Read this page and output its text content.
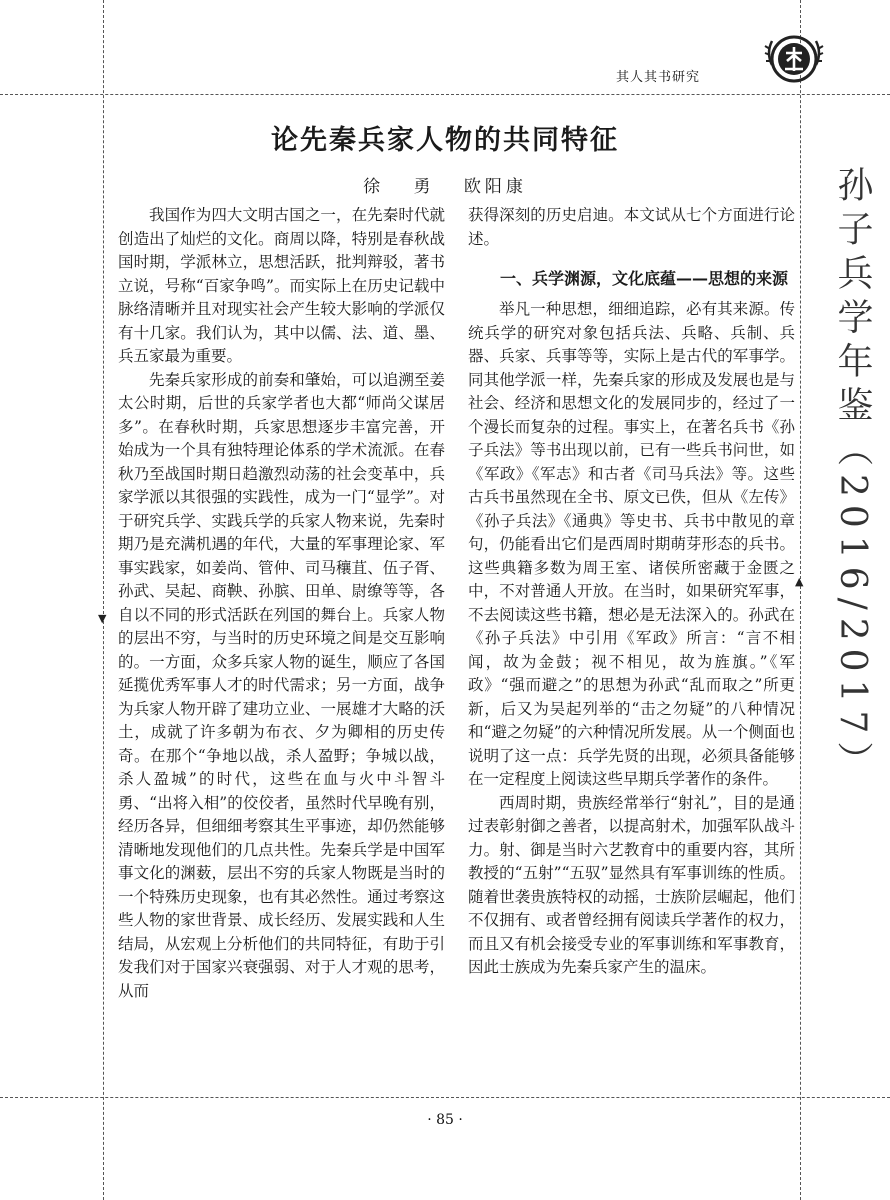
▼
▲
其人其书研究
论先秦兵家人物的共同特征
徐 勇 欧阳康

我国作为四大文明古国之一，在先秦时代就创造出了灿烂的文化。商周以降，特别是春秋战国时期，学派林立，思想活跃，批判辩驳，著书立说，号称“百家争鸣”。而实际上在历史记载中脉络清晰并且对现实社会产生较大影响的学派仅有十几家。我们认为，其中以儒、法、道、墨、兵五家最为重要。

先秦兵家形成的前奏和肇始，可以追溯至姜太公时期，后世的兵家学者也大都“师尚父谋居多”。在春秋时期，兵家思想逐步丰富完善，开始成为一个具有独特理论体系的学术流派。在春秋乃至战国时期日趋激烈动荡的社会变革中，兵家学派以其很强的实践性，成为一门“显学”。对于研究兵学、实践兵学的兵家人物来说，先秦时期乃是充满机遇的年代，大量的军事理论家、军事实践家，如姜尚、管仲、司马穰苴、伍子胥、孙武、吴起、商鞅、孙膑、田单、尉缭等等，各自以不同的形式活跃在列国的舞台上。兵家人物的层出不穷，与当时的历史环境之间是交互影响的。一方面，众多兵家人物的诞生，顺应了各国延揽优秀军事人才的时代需求；另一方面，战争为兵家人物开辟了建功立业、一展雄才大略的沃土，成就了许多朝为布衣、夕为卿相的历史传奇。在那个“争地以战，杀人盈野；争城以战，杀人盈城”的时代，这些在血与火中斗智斗勇、“出将入相”的佼佼者，虽然时代早晚有别，经历各异，但细细考察其生平事迹，却仍然能够清晰地发现他们的几点共性。先秦兵学是中国军事文化的渊薮，层出不穷的兵家人物既是当时的一个特殊历史现象，也有其必然性。通过考察这些人物的家世背景、成长经历、发展实践和人生结局，从宏观上分析他们的共同特征，有助于引发我们对于国家兴衰强弱、对于人才观的思考，从而

获得深刻的历史启迪。本文试从七个方面进行论述。

一、兵学渊源，文化底蕴——思想的来源

举凡一种思想，细细追踪，必有其来源。传统兵学的研究对象包括兵法、兵略、兵制、兵器、兵家、兵事等等，实际上是古代的军事学。同其他学派一样，先秦兵家的形成及发展也是与社会、经济和思想文化的发展同步的，经过了一个漫长而复杂的过程。事实上，在著名兵书《孙子兵法》等书出现以前，已有一些兵书问世，如《军政》《军志》和古者《司马兵法》等。这些古兵书虽然现在全书、原文已佚，但从《左传》《孙子兵法》《通典》等史书、兵书中散见的章句，仍能看出它们是西周时期萌芽形态的兵书。这些典籍多数为周王室、诸侯所密藏于金匮之中，不对普通人开放。在当时，如果研究军事，不去阅读这些书籍，想必是无法深入的。孙武在《孙子兵法》中引用《军政》所言：“言不相闻，故为金鼓；视不相见，故为旌旗。”《军政》“强而避之”的思想为孙武“乱而取之”所更新，后又为吴起列举的“击之勿疑”的八种情况和“避之勿疑”的六种情况所发展。从一个侧面也说明了这一点：兵学先贤的出现，必须具备能够在一定程度上阅读这些早期兵学著作的条件。

西周时期，贵族经常举行“射礼”，目的是通过表彰射御之善者，以提高射术，加强军队战斗力。射、御是当时六艺教育中的重要内容，其所教授的“五射”“五驭”显然具有军事训练的性质。随着世袭贵族特权的动摇，士族阶层崛起，他们不仅拥有、或者曾经拥有阅读兵学著作的权力，而且又有机会接受专业的军事训练和军事教育，因此士族成为先秦兵家产生的温床。

孙子兵学年鉴（2016/2017）
· 85 ·
